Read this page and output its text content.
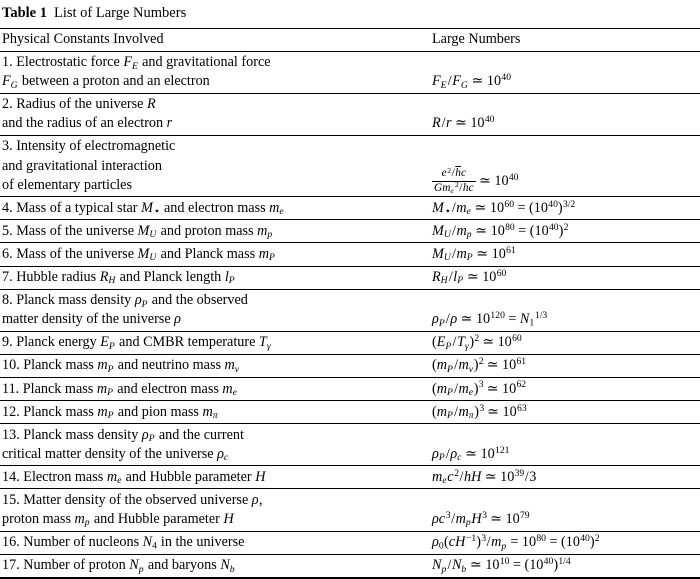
Table 1 List of Large Numbers
Physical Constants Involved	Large Numbers

1. Electrostatic force $F_E$ and gravitational force
$F_G$ between a proton and an electron	$F_E/F_G$ ≃ $10^{40}$

2. Radius of the universe R
and the radius of an electron r	R/r ≃ $10^{40}$

3. Intensity of electromagnetic
and gravitational interaction
of elementary particles	$\frac{e^2/\overline{h}c}{Gm_e^2/\overline{h}c}$ ≃ $10^{40}$

4. Mass of a typical star M⋆ and electron mass $m_e$	$M⋆/m_e$ ≃ $10^{60} = (10^{40})^{3/2}$

5. Mass of the universe $M_U$ and proton mass $m_p$	$M_U/m_p$ ≃ $10^{80} = (10^{40})^2$

6. Mass of the universe $M_U$ and Planck mass $m_P$	$M_U/m_P$ ≃ $10^{61}$

7. Hubble radius $R_H$ and Planck length $l_P$	$R_H/l_P$ ≃ $10^{60}$

8. Planck mass density $\rho_P$ and the observed
matter density of the universe ρ	$\rho_P/\rho$ ≃ $10^{120} = N_1^{1/3}$

9. Planck energy $E_P$ and CMBR temperature $T_\gamma$	$(E_P/T_\gamma)^2$ ≃ $10^{60}$

10. Planck mass $m_P$ and neutrino mass $m_\nu$	$(m_P/m_\nu)^2$ ≃ $10^{61}$

11. Planck mass $m_P$ and electron mass $m_e$	$(m_P/m_e)^3$ ≃ $10^{62}$

12. Planck mass $m_P$ and pion mass $m_\pi$	$(m_P/m_\pi)^3$ ≃ $10^{63}$

13. Planck mass density $\rho_P$ and the current
critical matter density of the universe $\rho_c$	$\rho_P/\rho_c$ ≃ $10^{121}$

14. Electron mass $m_e$ and Hubble parameter H	$m_ec^2/hH$ ≃ $10^{39}/3$

15. Matter density of the observed universe ρ,
proton mass $m_p$ and Hubble parameter H	$\rho c^3/m_pH^3$ ≃ $10^{79}$

16. Number of nucleons $N_4$ in the universe	$\rho_0(cH^{-1})^3/m_p = 10^{80} = (10^{40})^2$

17. Number of proton $N_p$ and baryons $N_b$	$N_p/N_b$ ≃ $10^{10} = (10^{40})^{1/4}$
